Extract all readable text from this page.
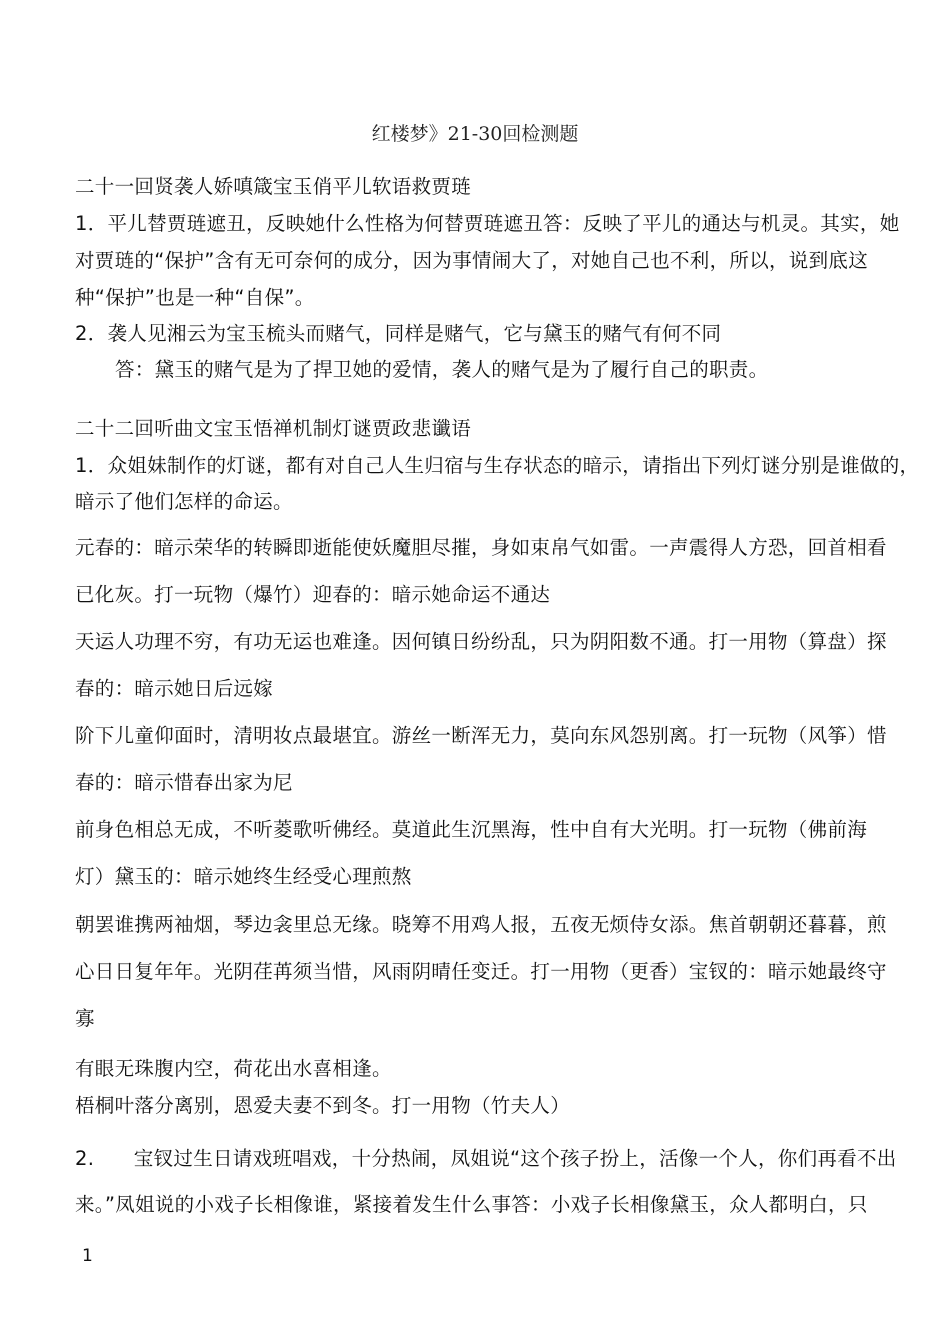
红楼梦》21-30回检测题
二十一回贤袭人娇嗔箴宝玉俏平儿软语救贾琏
1．平儿替贾琏遮丑，反映她什么性格为何替贾琏遮丑答：反映了平儿的通达与机灵。其实，她
对贾琏的“保护”含有无可奈何的成分，因为事情闹大了，对她自己也不利，所以，说到底这
种“保护”也是一种“自保”。
2．袭人见湘云为宝玉梳头而赌气，同样是赌气，它与黛玉的赌气有何不同
答：黛玉的赌气是为了捍卫她的爱情，袭人的赌气是为了履行自己的职责。
二十二回听曲文宝玉悟禅机制灯谜贾政悲谶语
1．众姐妹制作的灯谜，都有对自己人生归宿与生存状态的暗示，请指出下列灯谜分别是谁做的，
暗示了他们怎样的命运。
元春的：暗示荣华的转瞬即逝能使妖魔胆尽摧，身如束帛气如雷。一声震得人方恐，回首相看
已化灰。打一玩物（爆竹）迎春的：暗示她命运不通达
天运人功理不穷，有功无运也难逢。因何镇日纷纷乱，只为阴阳数不通。打一用物（算盘）探
春的：暗示她日后远嫁
阶下儿童仰面时，清明妆点最堪宜。游丝一断浑无力，莫向东风怨别离。打一玩物（风筝）惜
春的：暗示惜春出家为尼
前身色相总无成，不听菱歌听佛经。莫道此生沉黑海，性中自有大光明。打一玩物（佛前海
灯）黛玉的：暗示她终生经受心理煎熬
朝罢谁携两袖烟，琴边衾里总无缘。晓筹不用鸡人报，五夜无烦侍女添。焦首朝朝还暮暮，煎
心日日复年年。光阴荏苒须当惜，风雨阴晴任变迁。打一用物（更香）宝钗的：暗示她最终守
寡
有眼无珠腹内空，荷花出水喜相逢。
梧桐叶落分离别，恩爱夫妻不到冬。打一用物（竹夫人）
2.　　宝钗过生日请戏班唱戏，十分热闹，凤姐说“这个孩子扮上，活像一个人，你们再看不出
来。”凤姐说的小戏子长相像谁，紧接着发生什么事答：小戏子长相像黛玉，众人都明白，只
1
